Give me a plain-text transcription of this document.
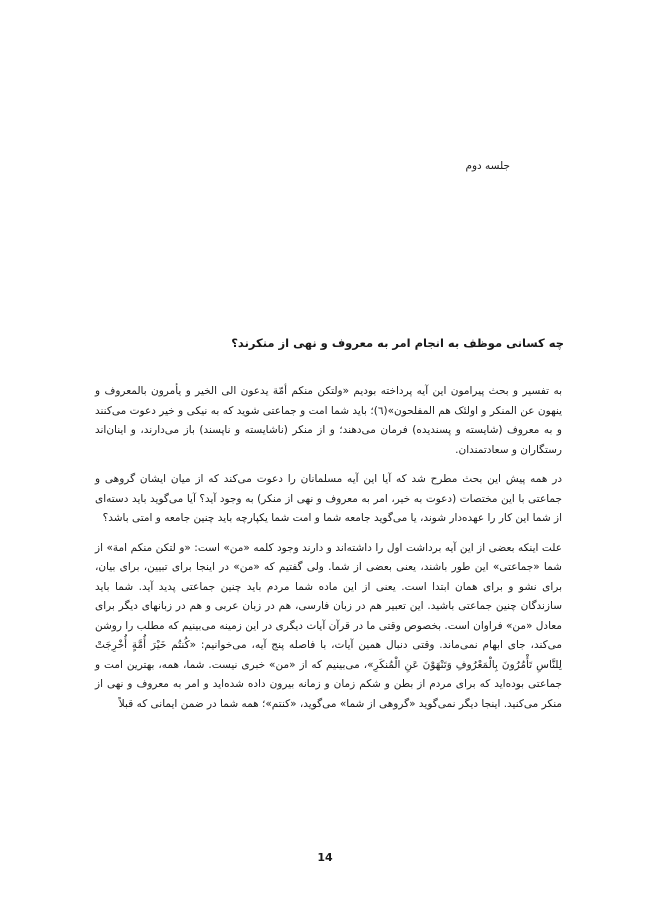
جلسه دوم
چه کسانی موظف به انجام امر به معروف و نهی از منکرند؟

به تفسیر و بحث پیرامون این آیه پرداخته بودیم «ولتکن منکم أمّة یدعون الی الخیر و یأمرون بالمعروف و ینهون عن المنکر و اولئک هم المفلحون»(٦)؛ باید شما امت و جماعتی شوید که به نیکی و خیر دعوت می‌کنند و به معروف (شایسته و پسندیده) فرمان می‌دهند؛ و از منکر (ناشایسته و ناپسند) باز می‌دارند، و اینان‌اند رستگاران و سعادتمندان.

در همه پیش این بحث مطرح شد که آیا این آیه مسلمانان را دعوت می‌کند که از میان ایشان گروهی و جماعتی با این مختصات (دعوت به خیر، امر به معروف و نهی از منکر) به وجود آید؟ آیا می‌گوید باید دسته‌ای از شما این کار را عهده‌دار شوند، یا می‌گوید جامعه شما و امت شما یکپارچه باید چنین جامعه و امتی باشد؟

علت اینکه بعضی از این آیه برداشت اول را داشته‌اند و دارند وجود کلمه «من» است: «و لتکن منکم امة» از شما «جماعتی» این طور باشند، یعنی بعضی از شما. ولی گفتیم که «من» در اینجا برای تبیین، برای بیان، برای نشو و برای همان ابتدا است. یعنی از این ماده شما مردم باید چنین جماعتی پدید آید. شما باید سازندگان چنین جماعتی باشید. این تعبیر هم در زبان فارسی، هم در زبان عربی و هم در زبانهای دیگر برای معادل «من» فراوان است. بخصوص وقتی ما در قرآن آیات دیگری در این زمینه می‌بینیم که مطلب را روشن می‌کند، جای ابهام نمی‌ماند. وقتی دنبال همین آیات، با فاصله پنج آیه، می‌خوانیم: «کُنتُم خَیْرَ أُمَّةٍ أُخْرِجَتْ لِلنَّاسِ تَأْمُرُونَ بِالْمَعْرُوفِ وَتَنْهَوْنَ عَنِ الْمُنکَرِ»، می‌بینیم که از «من» خبری نیست. شما، همه، بهترین امت و جماعتی بوده‌اید که برای مردم از بطن و شکم زمان و زمانه بیرون داده شده‌اید و امر به معروف و نهی از منکر می‌کنید. اینجا دیگر نمی‌گوید «گروهی از شما» می‌گوید، «کنتم»؛ همه شما در ضمن ایمانی که قبلاً

14
